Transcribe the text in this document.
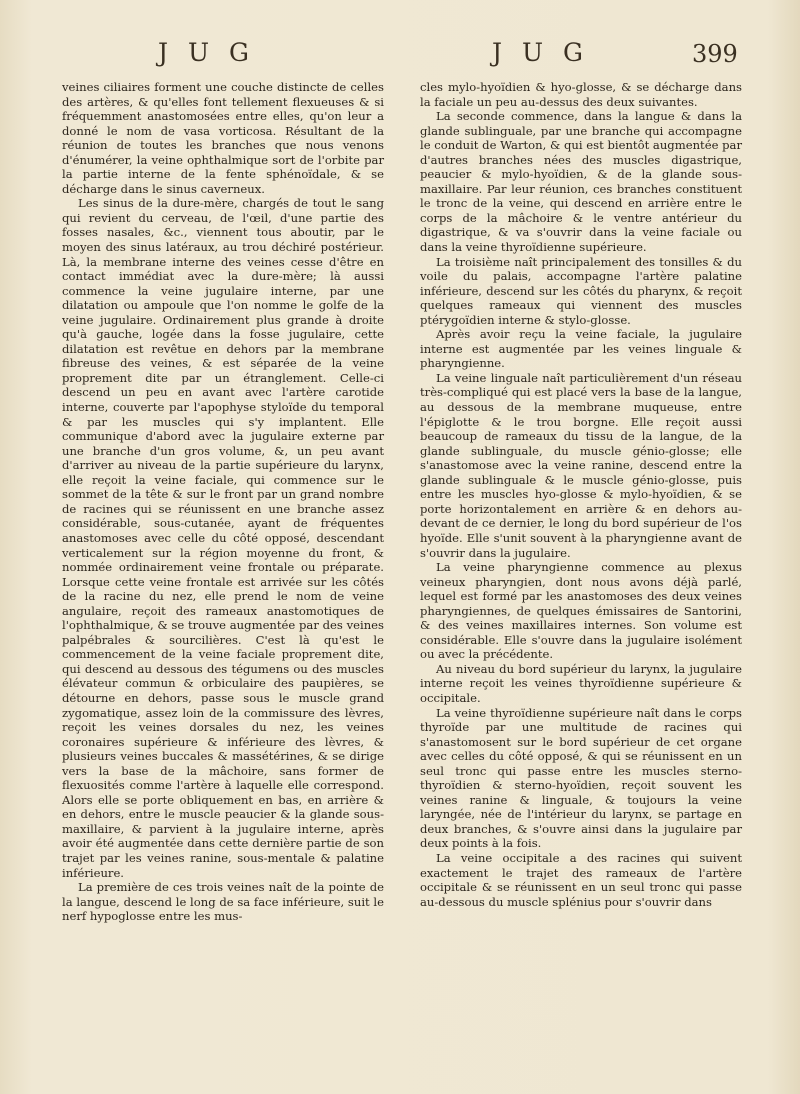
J U G	J U G	399

veines ciliaires forment une couche distincte de celles des artères, & qu'elles font tellement flexueuses & si fréquemment anastomosées entre elles, qu'on leur a donné le nom de vasa vorticosa. Résultant de la réunion de toutes les branches que nous venons d'énumérer, la veine ophthalmique sort de l'orbite par la partie interne de la fente sphénoïdale, & se décharge dans le sinus caverneux.

Les sinus de la dure-mère, chargés de tout le sang qui revient du cerveau, de l'œil, d'une partie des fosses nasales, &c., viennent tous aboutir, par le moyen des sinus latéraux, au trou déchiré postérieur. Là, la membrane interne des veines cesse d'être en contact immédiat avec la dure-mère; là aussi commence la veine jugulaire interne, par une dilatation ou ampoule que l'on nomme le golfe de la veine jugulaire. Ordinairement plus grande à droite qu'à gauche, logée dans la fosse jugulaire, cette dilatation est revêtue en dehors par la membrane fibreuse des veines, & est séparée de la veine proprement dite par un étranglement. Celle-ci descend un peu en avant avec l'artère carotide interne, couverte par l'apophyse styloïde du temporal & par les muscles qui s'y implantent. Elle communique d'abord avec la jugulaire externe par une branche d'un gros volume, &, un peu avant d'arriver au niveau de la partie supérieure du larynx, elle reçoit la veine faciale, qui commence sur le sommet de la tête & sur le front par un grand nombre de racines qui se réunissent en une branche assez considérable, sous-cutanée, ayant de fréquentes anastomoses avec celle du côté opposé, descendant verticalement sur la région moyenne du front, & nommée ordinairement veine frontale ou préparate. Lorsque cette veine frontale est arrivée sur les côtés de la racine du nez, elle prend le nom de veine angulaire, reçoit des rameaux anastomotiques de l'ophthalmique, & se trouve augmentée par des veines palpébrales & sourcilières. C'est là qu'est le commencement de la veine faciale proprement dite, qui descend au dessous des tégumens ou des muscles élévateur commun & orbiculaire des paupières, se détourne en dehors, passe sous le muscle grand zygomatique, assez loin de la commissure des lèvres, reçoit les veines dorsales du nez, les veines coronaires supérieure & inférieure des lèvres, & plusieurs veines buccales & massétérines, & se dirige vers la base de la mâchoire, sans former de flexuosités comme l'artère à laquelle elle correspond. Alors elle se porte obliquement en bas, en arrière & en dehors, entre le muscle peaucier & la glande sous-maxillaire, & parvient à la jugulaire interne, après avoir été augmentée dans cette dernière partie de son trajet par les veines ranine, sous-mentale & palatine inférieure.

La première de ces trois veines naît de la pointe de la langue, descend le long de sa face inférieure, suit le nerf hypoglosse entre les mus-

cles mylo-hyoïdien & hyo-glosse, & se décharge dans la faciale un peu au-dessus des deux suivantes.

La seconde commence, dans la langue & dans la glande sublinguale, par une branche qui accompagne le conduit de Warton, & qui est bientôt augmentée par d'autres branches nées des muscles digastrique, peaucier & mylo-hyoïdien, & de la glande sous-maxillaire. Par leur réunion, ces branches constituent le tronc de la veine, qui descend en arrière entre le corps de la mâchoire & le ventre antérieur du digastrique, & va s'ouvrir dans la veine faciale ou dans la veine thyroïdienne supérieure.

La troisième naît principalement des tonsilles & du voile du palais, accompagne l'artère palatine inférieure, descend sur les côtés du pharynx, & reçoit quelques rameaux qui viennent des muscles ptérygoïdien interne & stylo-glosse.

Après avoir reçu la veine faciale, la jugulaire interne est augmentée par les veines linguale & pharyngienne.

La veine linguale naît particulièrement d'un réseau très-compliqué qui est placé vers la base de la langue, au dessous de la membrane muqueuse, entre l'épiglotte & le trou borgne. Elle reçoit aussi beaucoup de rameaux du tissu de la langue, de la glande sublinguale, du muscle génio-glosse; elle s'anastomose avec la veine ranine, descend entre la glande sublinguale & le muscle génio-glosse, puis entre les muscles hyo-glosse & mylo-hyoïdien, & se porte horizontalement en arrière & en dehors au-devant de ce dernier, le long du bord supérieur de l'os hyoïde. Elle s'unit souvent à la pharyngienne avant de s'ouvrir dans la jugulaire.

La veine pharyngienne commence au plexus veineux pharyngien, dont nous avons déjà parlé, lequel est formé par les anastomoses des deux veines pharyngiennes, de quelques émissaires de Santorini, & des veines maxillaires internes. Son volume est considérable. Elle s'ouvre dans la jugulaire isolément ou avec la précédente.

Au niveau du bord supérieur du larynx, la jugulaire interne reçoit les veines thyroïdienne supérieure & occipitale.

La veine thyroïdienne supérieure naît dans le corps thyroïde par une multitude de racines qui s'anastomosent sur le bord supérieur de cet organe avec celles du côté opposé, & qui se réunissent en un seul tronc qui passe entre les muscles sterno-thyroïdien & sterno-hyoïdien, reçoit souvent les veines ranine & linguale, & toujours la veine laryngée, née de l'intérieur du larynx, se partage en deux branches, & s'ouvre ainsi dans la jugulaire par deux points à la fois.

La veine occipitale a des racines qui suivent exactement le trajet des rameaux de l'artère occipitale & se réunissent en un seul tronc qui passe au-dessous du muscle splénius pour s'ouvrir dans
